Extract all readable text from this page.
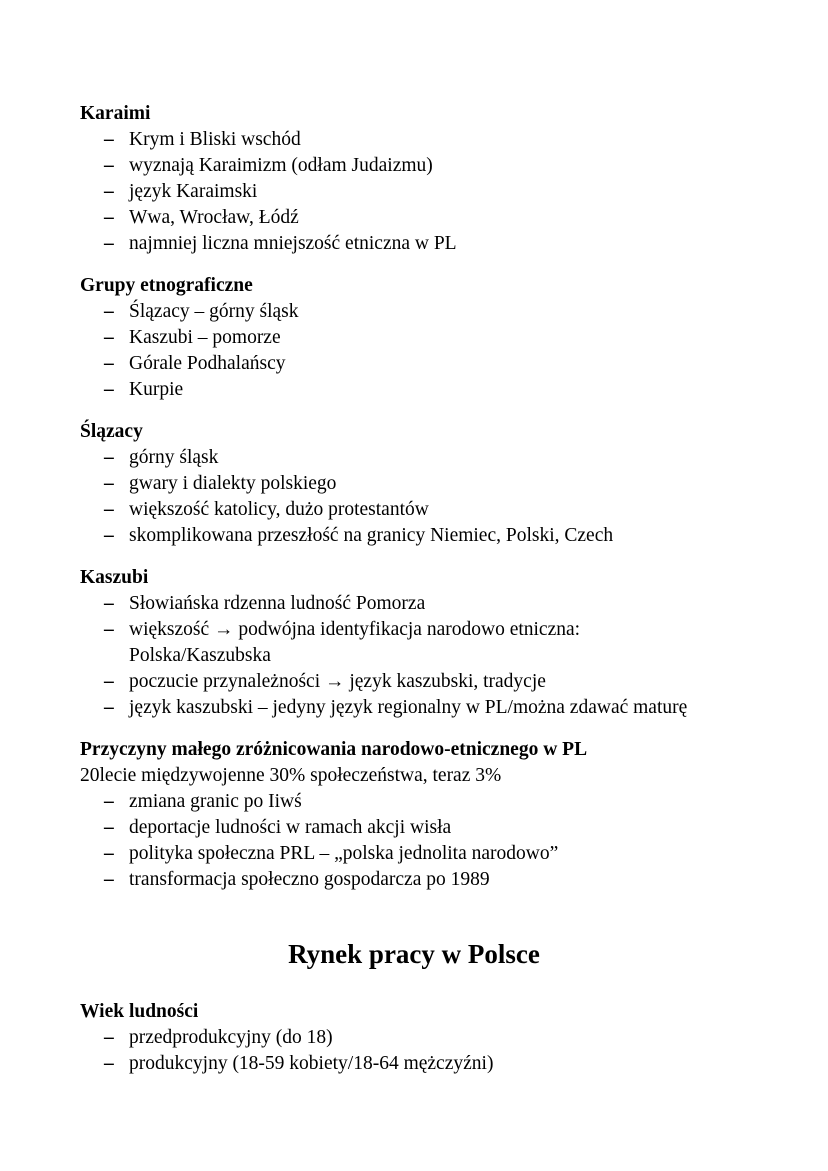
Karaimi

– Krym i Bliski wschód
– wyznają Karaimizm (odłam Judaizmu)
– język Karaimski
– Wwa, Wrocław, Łódź
– najmniej liczna mniejszość etniczna w PL

Grupy etnograficzne

– Ślązacy – górny śląsk
– Kaszubi – pomorze
– Górale Podhalańscy
– Kurpie

Ślązacy

– górny śląsk
– gwary i dialekty polskiego
– większość katolicy, dużo protestantów
– skomplikowana przeszłość na granicy Niemiec, Polski, Czech

Kaszubi

– Słowiańska rdzenna ludność Pomorza
– większość → podwójna identyfikacja narodowo etniczna:
Polska/Kaszubska
– poczucie przynależności → język kaszubski, tradycje
– język kaszubski – jedyny język regionalny w PL/można zdawać maturę

Przyczyny małego zróżnicowania narodowo-etnicznego w PL

20lecie międzywojenne 30% społeczeństwa, teraz 3%

– zmiana granic po Iiwś
– deportacje ludności w ramach akcji wisła
– polityka społeczna PRL – „polska jednolita narodowo”
– transformacja społeczno gospodarcza po 1989
Rynek pracy w Polsce

Wiek ludności

– przedprodukcyjny (do 18)
– produkcyjny (18-59 kobiety/18-64 mężczyźni)
